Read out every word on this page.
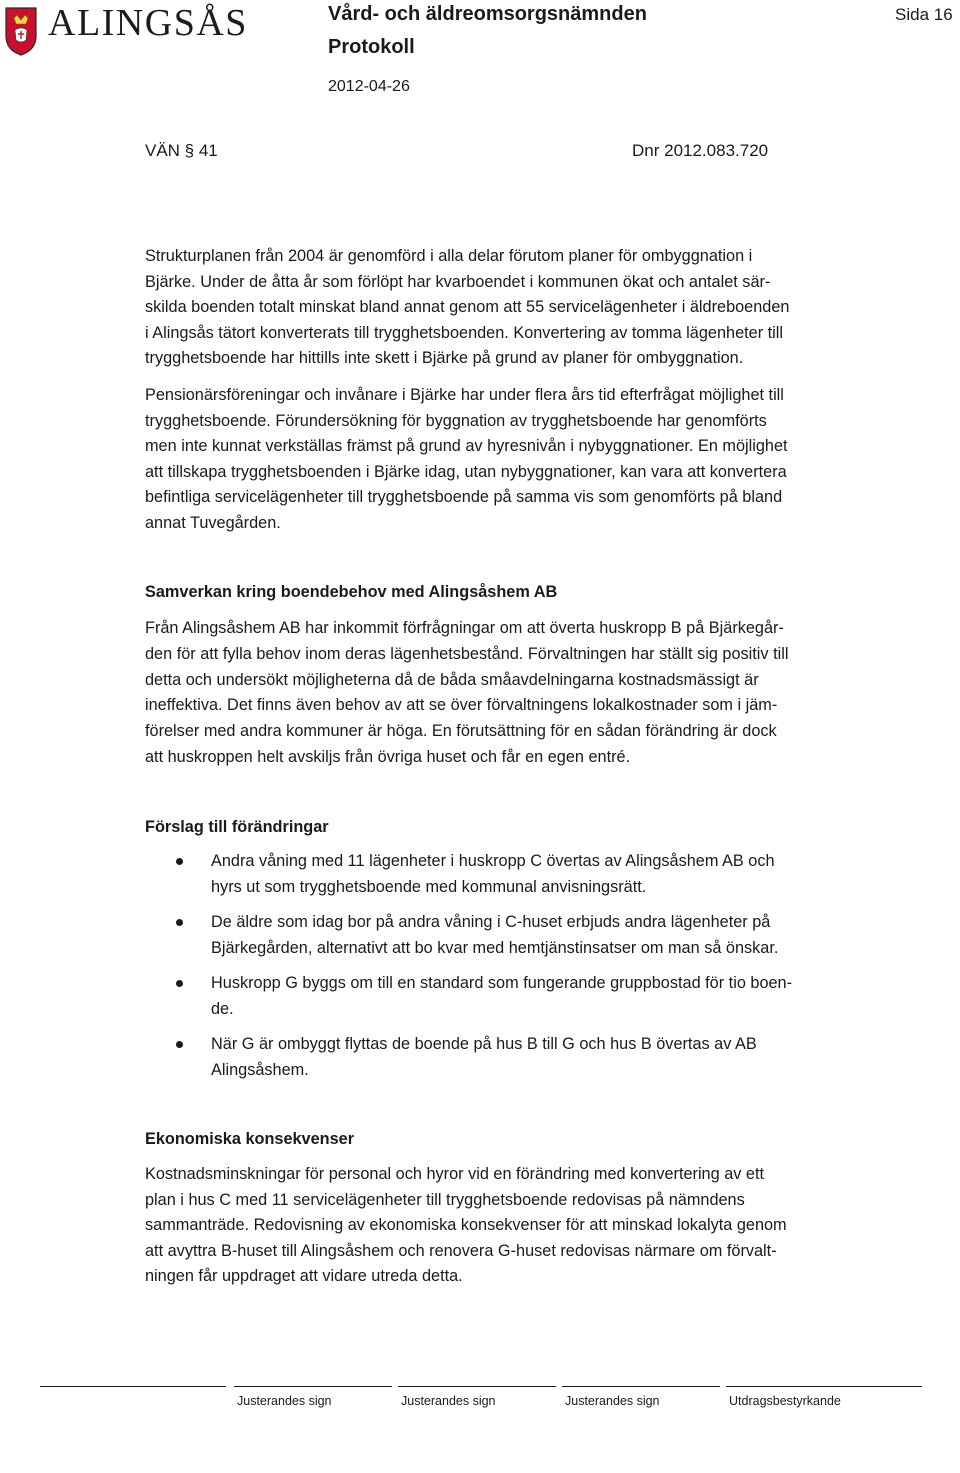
ALINGSÅS	Vård- och äldreomsorgsnämnden
Protokoll
2012-04-26
Sida 16
VÄN § 41	Dnr 2012.083.720
Strukturplanen från 2004 är genomförd i alla delar förutom planer för ombyggnation i
Bjärke. Under de åtta år som förlöpt har kvarboendet i kommunen ökat och antalet sär-
skilda boenden totalt minskat bland annat genom att 55 servicelägenheter i äldreboenden
i Alingsås tätort konverterats till trygghetsboenden. Konvertering av tomma lägenheter till
trygghetsboende har hittills inte skett i Bjärke på grund av planer för ombyggnation.
Pensionärsföreningar och invånare i Bjärke har under flera års tid efterfrågat möjlighet till
trygghetsboende. Förundersökning för byggnation av trygghetsboende har genomförts
men inte kunnat verkställas främst på grund av hyresnivån i nybyggnationer. En möjlighet
att tillskapa trygghetsboenden i Bjärke idag, utan nybyggnationer, kan vara att konvertera
befintliga servicelägenheter till trygghetsboende på samma vis som genomförts på bland
annat Tuvegården.
Samverkan kring boendebehov med Alingsåshem AB
Från Alingsåshem AB har inkommit förfrågningar om att överta huskropp B på Bjärkegår-
den för att fylla behov inom deras lägenhetsbestånd. Förvaltningen har ställt sig positiv till
detta och undersökt möjligheterna då de båda småavdelningarna kostnadsmässigt är
ineffektiva. Det finns även behov av att se över förvaltningens lokalkostnader som i jäm-
förelser med andra kommuner är höga. En förutsättning för en sådan förändring är dock
att huskroppen helt avskiljs från övriga huset och får en egen entré.
Förslag till förändringar
Andra våning med 11 lägenheter i huskropp C övertas av Alingsåshem AB och
hyrs ut som trygghetsboende med kommunal anvisningsrätt.
De äldre som idag bor på andra våning i C-huset erbjuds andra lägenheter på
Bjärkegården, alternativt att bo kvar med hemtjänstinsatser om man så önskar.
Huskropp G byggs om till en standard som fungerande gruppbostad för tio boen-
de.
När G är ombyggt flyttas de boende på hus B till G och hus B övertas av AB
Alingsåshem.
Ekonomiska konsekvenser
Kostnadsminskningar för personal och hyror vid en förändring med konvertering av ett
plan i hus C med 11 servicelägenheter till trygghetsboende redovisas på nämndens
sammanträde. Redovisning av ekonomiska konsekvenser för att minskad lokalyta genom
att avyttra B-huset till Alingsåshem och renovera G-huset redovisas närmare om förvalt-
ningen får uppdraget att vidare utreda detta.
Justerandes sign	Justerandes sign	Justerandes sign	Utdragsbestyrkande
